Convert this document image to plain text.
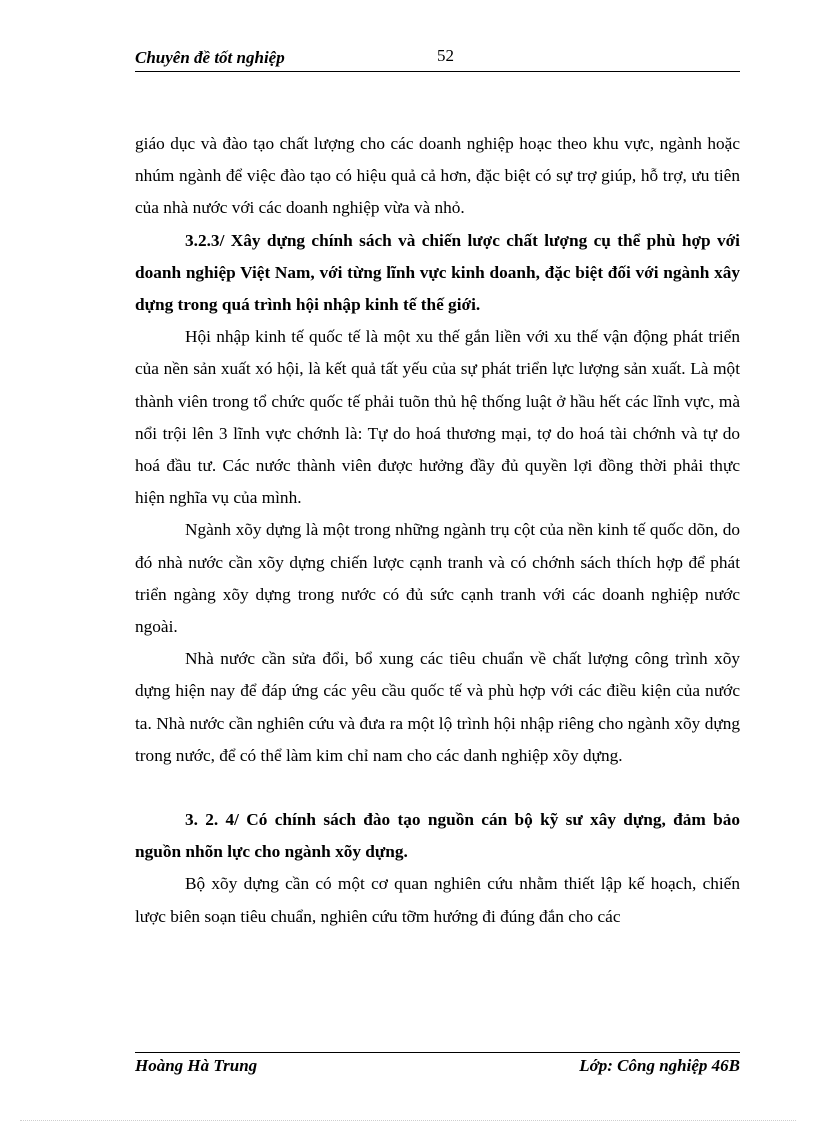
Chuyên đề tốt nghiệp	52

giáo dục và đào tạo chất lượng cho các doanh nghiệp hoạc theo khu vực, ngành hoặc nhúm ngành để việc đào tạo có hiệu quả cả hơn, đặc biệt có sự trợ giúp, hỗ trợ, ưu tiên của nhà nước với các doanh nghiệp vừa và nhỏ.

3.2.3/ Xây dựng chính sách và chiến lược chất lượng cụ thể phù hợp với doanh nghiệp Việt Nam, với từng lĩnh vực kinh doanh, đặc biệt đối với ngành xây dựng trong quá trình hội nhập kinh tế thế giới.

Hội nhập kinh tế quốc tế là một xu thế gắn liền với xu thế vận động phát triển của nền sản xuất xó hội, là kết quả tất yếu của sự phát triển lực lượng sản xuất. Là một thành viên trong tổ chức quốc tế phải tuõn thủ hệ thống luật ở hầu hết các lĩnh vực, mà nổi trội lên 3 lĩnh vực chớnh là: Tự do hoá thương mại, tợ do hoá tài chớnh và tự do hoá đầu tư. Các nước thành viên được hưởng đầy đủ quyền lợi đồng thời phải thực hiện nghĩa vụ của mình.

Ngành xõy dựng là một trong những ngành trụ cột của nền kinh tế quốc dõn, do đó nhà nước cần xõy dựng chiến lược cạnh tranh và có chớnh sách thích hợp để phát triển ngàng xõy dựng trong nước có đủ sức cạnh tranh với các doanh nghiệp nước ngoài.

Nhà nước cần sửa đổi, bổ xung các tiêu chuẩn về chất lượng công trình xõy dựng hiện nay để đáp ứng các yêu cầu quốc tế và phù hợp với các điều kiện của nước ta. Nhà nước cần nghiên cứu và đưa ra một lộ trình hội nhập riêng cho ngành xõy dựng trong nước, để có thể làm kim chỉ nam cho các danh nghiệp xõy dựng.

3. 2. 4/ Có chính sách đào tạo nguồn cán bộ kỹ sư xây dựng, đảm bảo nguồn nhõn lực cho ngành xõy dựng.

Bộ xõy dựng cần có một cơ quan nghiên cứu nhằm thiết lập kế hoạch, chiến lược biên soạn tiêu chuẩn, nghiên cứu tỡm hướng đi đúng đắn cho các

Hoàng Hà Trung	Lớp: Công nghiệp 46B
